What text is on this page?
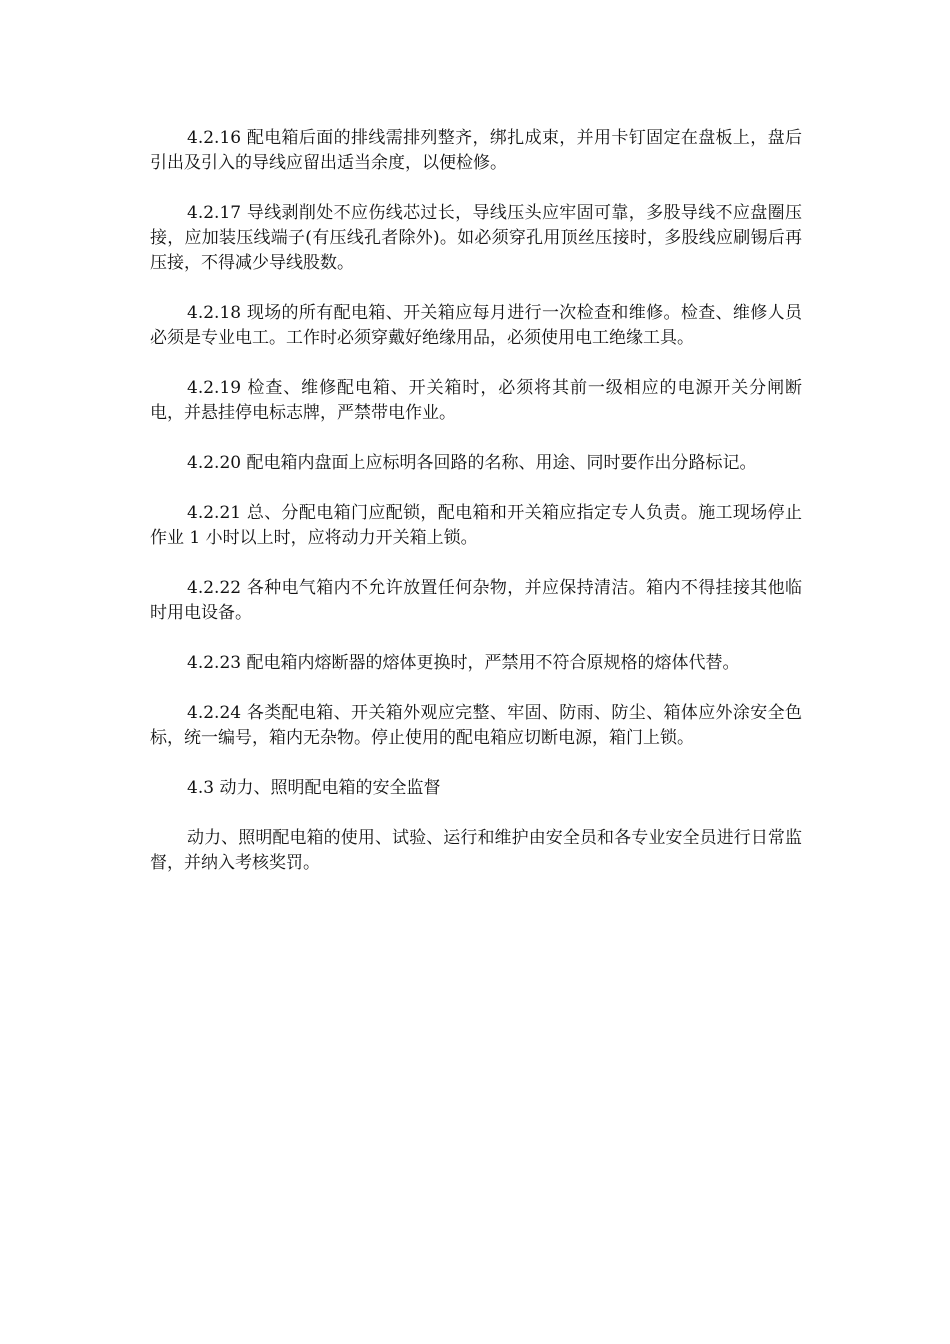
4.2.16 配电箱后面的排线需排列整齐，绑扎成束，并用卡钉固定在盘板上，盘后引出及引入的导线应留出适当余度，以便检修。

4.2.17 导线剥削处不应伤线芯过长，导线压头应牢固可靠，多股导线不应盘圈压接，应加装压线端子(有压线孔者除外)。如必须穿孔用顶丝压接时，多股线应刷锡后再压接，不得减少导线股数。

4.2.18 现场的所有配电箱、开关箱应每月进行一次检查和维修。检查、维修人员必须是专业电工。工作时必须穿戴好绝缘用品，必须使用电工绝缘工具。

4.2.19 检查、维修配电箱、开关箱时，必须将其前一级相应的电源开关分闸断电，并悬挂停电标志牌，严禁带电作业。

4.2.20 配电箱内盘面上应标明各回路的名称、用途、同时要作出分路标记。

4.2.21 总、分配电箱门应配锁，配电箱和开关箱应指定专人负责。施工现场停止作业 1 小时以上时，应将动力开关箱上锁。

4.2.22 各种电气箱内不允许放置任何杂物，并应保持清洁。箱内不得挂接其他临时用电设备。

4.2.23 配电箱内熔断器的熔体更换时，严禁用不符合原规格的熔体代替。

4.2.24 各类配电箱、开关箱外观应完整、牢固、防雨、防尘、箱体应外涂安全色标，统一编号，箱内无杂物。停止使用的配电箱应切断电源，箱门上锁。

4.3 动力、照明配电箱的安全监督

动力、照明配电箱的使用、试验、运行和维护由安全员和各专业安全员进行日常监督，并纳入考核奖罚。
